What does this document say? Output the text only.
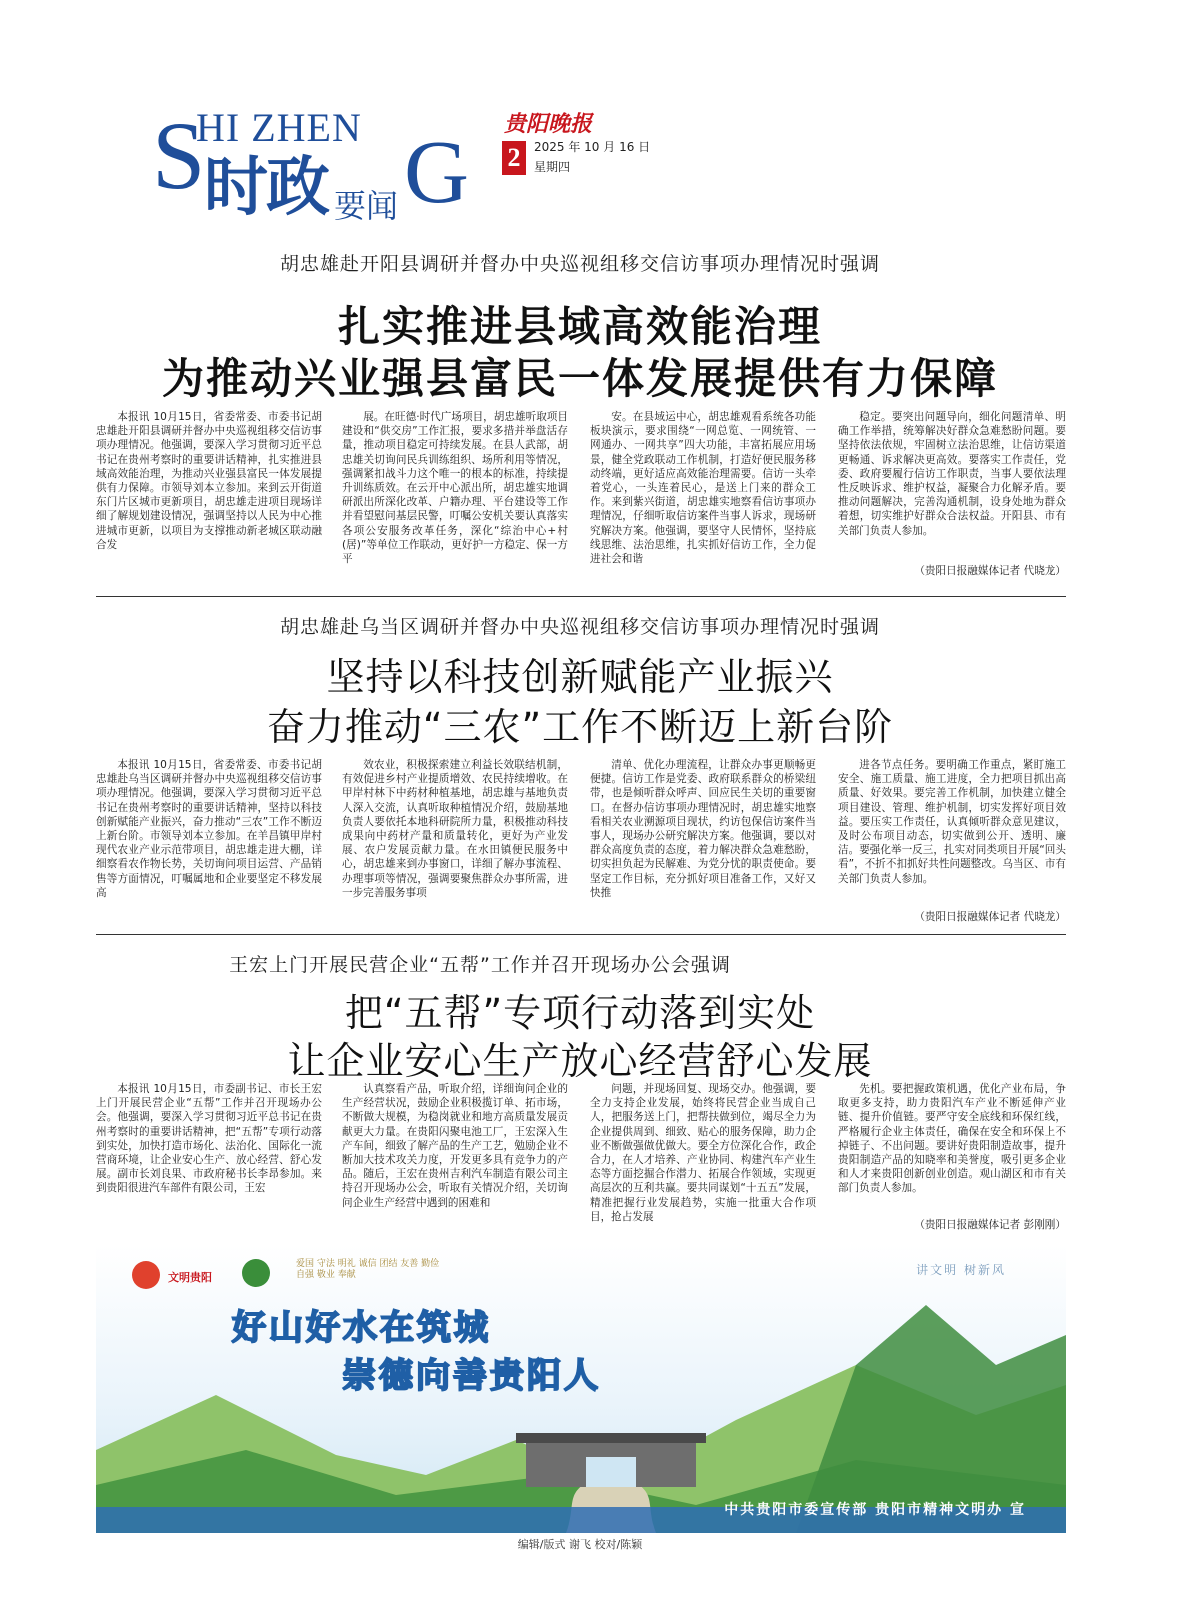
S
HI ZHEN G
时政 要闻
贵阳晚报
2	2025 年 10 月 16 日
星期四
胡忠雄赴开阳县调研并督办中央巡视组移交信访事项办理情况时强调
扎实推进县域高效能治理
为推动兴业强县富民一体发展提供有力保障

本报讯 10月15日，省委常委、市委书记胡忠雄赴开阳县调研并督办中央巡视组移交信访事项办理情况。他强调，要深入学习贯彻习近平总书记在贵州考察时的重要讲话精神，扎实推进县域高效能治理，为推动兴业强县富民一体发展提供有力保障。市领导刘本立参加。来到云开街道东门片区城市更新项目，胡忠雄走进项目现场详细了解规划建设情况，强调坚持以人民为中心推进城市更新，以项目为支撑推动新老城区联动融合发

展。在旺德·时代广场项目，胡忠雄听取项目建设和“供交房”工作汇报，要求多措并举盘活存量，推动项目稳定可持续发展。在县人武部，胡忠雄关切询问民兵训练组织、场所利用等情况，强调紧扣战斗力这个唯一的根本的标准，持续提升训练质效。在云开中心派出所，胡忠雄实地调研派出所深化改革、户籍办理、平台建设等工作并看望慰问基层民警，叮嘱公安机关要认真落实各项公安服务改革任务，深化“综治中心+村(居)”等单位工作联动，更好护一方稳定、保一方平

安。在县域运中心，胡忠雄观看系统各功能板块演示，要求围绕“一网总览、一网统管、一网通办、一网共享”四大功能，丰富拓展应用场景，健全党政联动工作机制，打造好便民服务移动终端，更好适应高效能治理需要。信访一头牵着党心，一头连着民心，是送上门来的群众工作。来到紫兴街道，胡忠雄实地察看信访事项办理情况，仔细听取信访案件当事人诉求，现场研究解决方案。他强调，要坚守人民情怀，坚持底线思维、法治思维，扎实抓好信访工作，全力促进社会和谐

稳定。要突出问题导向，细化问题清单、明确工作举措，统筹解决好群众急难愁盼问题。要坚持依法依规，牢固树立法治思维，让信访渠道更畅通、诉求解决更高效。要落实工作责任，党委、政府要履行信访工作职责，当事人要依法理性反映诉求、维护权益，凝聚合力化解矛盾。要推动问题解决，完善沟通机制，设身处地为群众着想，切实维护好群众合法权益。开阳县、市有关部门负责人参加。

（贵阳日报融媒体记者 代晓龙）

胡忠雄赴乌当区调研并督办中央巡视组移交信访事项办理情况时强调
坚持以科技创新赋能产业振兴
奋力推动“三农”工作不断迈上新台阶

本报讯 10月15日，省委常委、市委书记胡忠雄赴乌当区调研并督办中央巡视组移交信访事项办理情况。他强调，要深入学习贯彻习近平总书记在贵州考察时的重要讲话精神，坚持以科技创新赋能产业振兴，奋力推动“三农”工作不断迈上新台阶。市领导刘本立参加。在羊昌镇甲岸村现代农业产业示范带项目，胡忠雄走进大棚，详细察看农作物长势，关切询问项目运营、产品销售等方面情况，叮嘱属地和企业要坚定不移发展高

效农业，积极探索建立利益长效联结机制，有效促进乡村产业提质增效、农民持续增收。在甲岸村林下中药材种植基地，胡忠雄与基地负责人深入交流，认真听取种植情况介绍，鼓励基地负责人要依托本地科研院所力量，积极推动科技成果向中药材产量和质量转化，更好为产业发展、农户发展贡献力量。在水田镇便民服务中心，胡忠雄来到办事窗口，详细了解办事流程、办理事项等情况，强调要聚焦群众办事所需，进一步完善服务事项

清单、优化办理流程，让群众办事更顺畅更便捷。信访工作是党委、政府联系群众的桥梁纽带，也是倾听群众呼声、回应民生关切的重要窗口。在督办信访事项办理情况时，胡忠雄实地察看相关农业溯源项目现状，约访包保信访案件当事人，现场办公研究解决方案。他强调，要以对群众高度负责的态度，着力解决群众急难愁盼，切实担负起为民解难、为党分忧的职责使命。要坚定工作目标，充分抓好项目准备工作，又好又快推

进各节点任务。要明确工作重点，紧盯施工安全、施工质量、施工进度，全力把项目抓出高质量、好效果。要完善工作机制，加快建立健全项目建设、管理、维护机制，切实发挥好项目效益。要压实工作责任，认真倾听群众意见建议，及时公布项目动态，切实做到公开、透明、廉洁。要强化举一反三，扎实对同类项目开展“回头看”，不折不扣抓好共性问题整改。乌当区、市有关部门负责人参加。

（贵阳日报融媒体记者 代晓龙）

王宏上门开展民营企业“五帮”工作并召开现场办公会强调
把“五帮”专项行动落到实处
让企业安心生产放心经营舒心发展

本报讯 10月15日，市委副书记、市长王宏上门开展民营企业“五帮”工作并召开现场办公会。他强调，要深入学习贯彻习近平总书记在贵州考察时的重要讲话精神，把“五帮”专项行动落到实处，加快打造市场化、法治化、国际化一流营商环境，让企业安心生产、放心经营、舒心发展。副市长刘良果、市政府秘书长李昂参加。来到贵阳很进汽车部件有限公司，王宏

认真察看产品，听取介绍，详细询问企业的生产经营状况，鼓励企业积极揽订单、拓市场，不断做大规模，为稳岗就业和地方高质量发展贡献更大力量。在贵阳闪聚电池工厂，王宏深入生产车间，细致了解产品的生产工艺，勉励企业不断加大技术攻关力度，开发更多具有竞争力的产品。随后，王宏在贵州吉利汽车制造有限公司主持召开现场办公会，听取有关情况介绍，关切询问企业生产经营中遇到的困难和

问题，并现场回复、现场交办。他强调，要全力支持企业发展，始终将民营企业当成自己人，把服务送上门，把帮扶做到位，竭尽全力为企业提供周到、细致、贴心的服务保障，助力企业不断做强做优做大。要全方位深化合作，政企合力，在人才培养、产业协同、构建汽车产业生态等方面挖掘合作潜力、拓展合作领域，实现更高层次的互利共赢。要共同谋划“十五五”发展，精准把握行业发展趋势，实施一批重大合作项目，抢占发展

先机。要把握政策机遇，优化产业布局，争取更多支持，助力贵阳汽车产业不断延伸产业链、提升价值链。要严守安全底线和环保红线，严格履行企业主体责任，确保在安全和环保上不掉链子、不出问题。要讲好贵阳制造故事，提升贵阳制造产品的知晓率和美誉度，吸引更多企业和人才来贵阳创新创业创造。观山湖区和市有关部门负责人参加。

（贵阳日报融媒体记者 彭刚刚）

文明贵阳
爱国 守法 明礼 诚信 团结 友善 勤俭 自强 敬业 奉献	讲文明 树新风
好山好水在筑城
崇德向善贵阳人
中共贵阳市委宣传部 贵阳市精神文明办 宣
编辑/版式 谢飞 校对/陈颖
